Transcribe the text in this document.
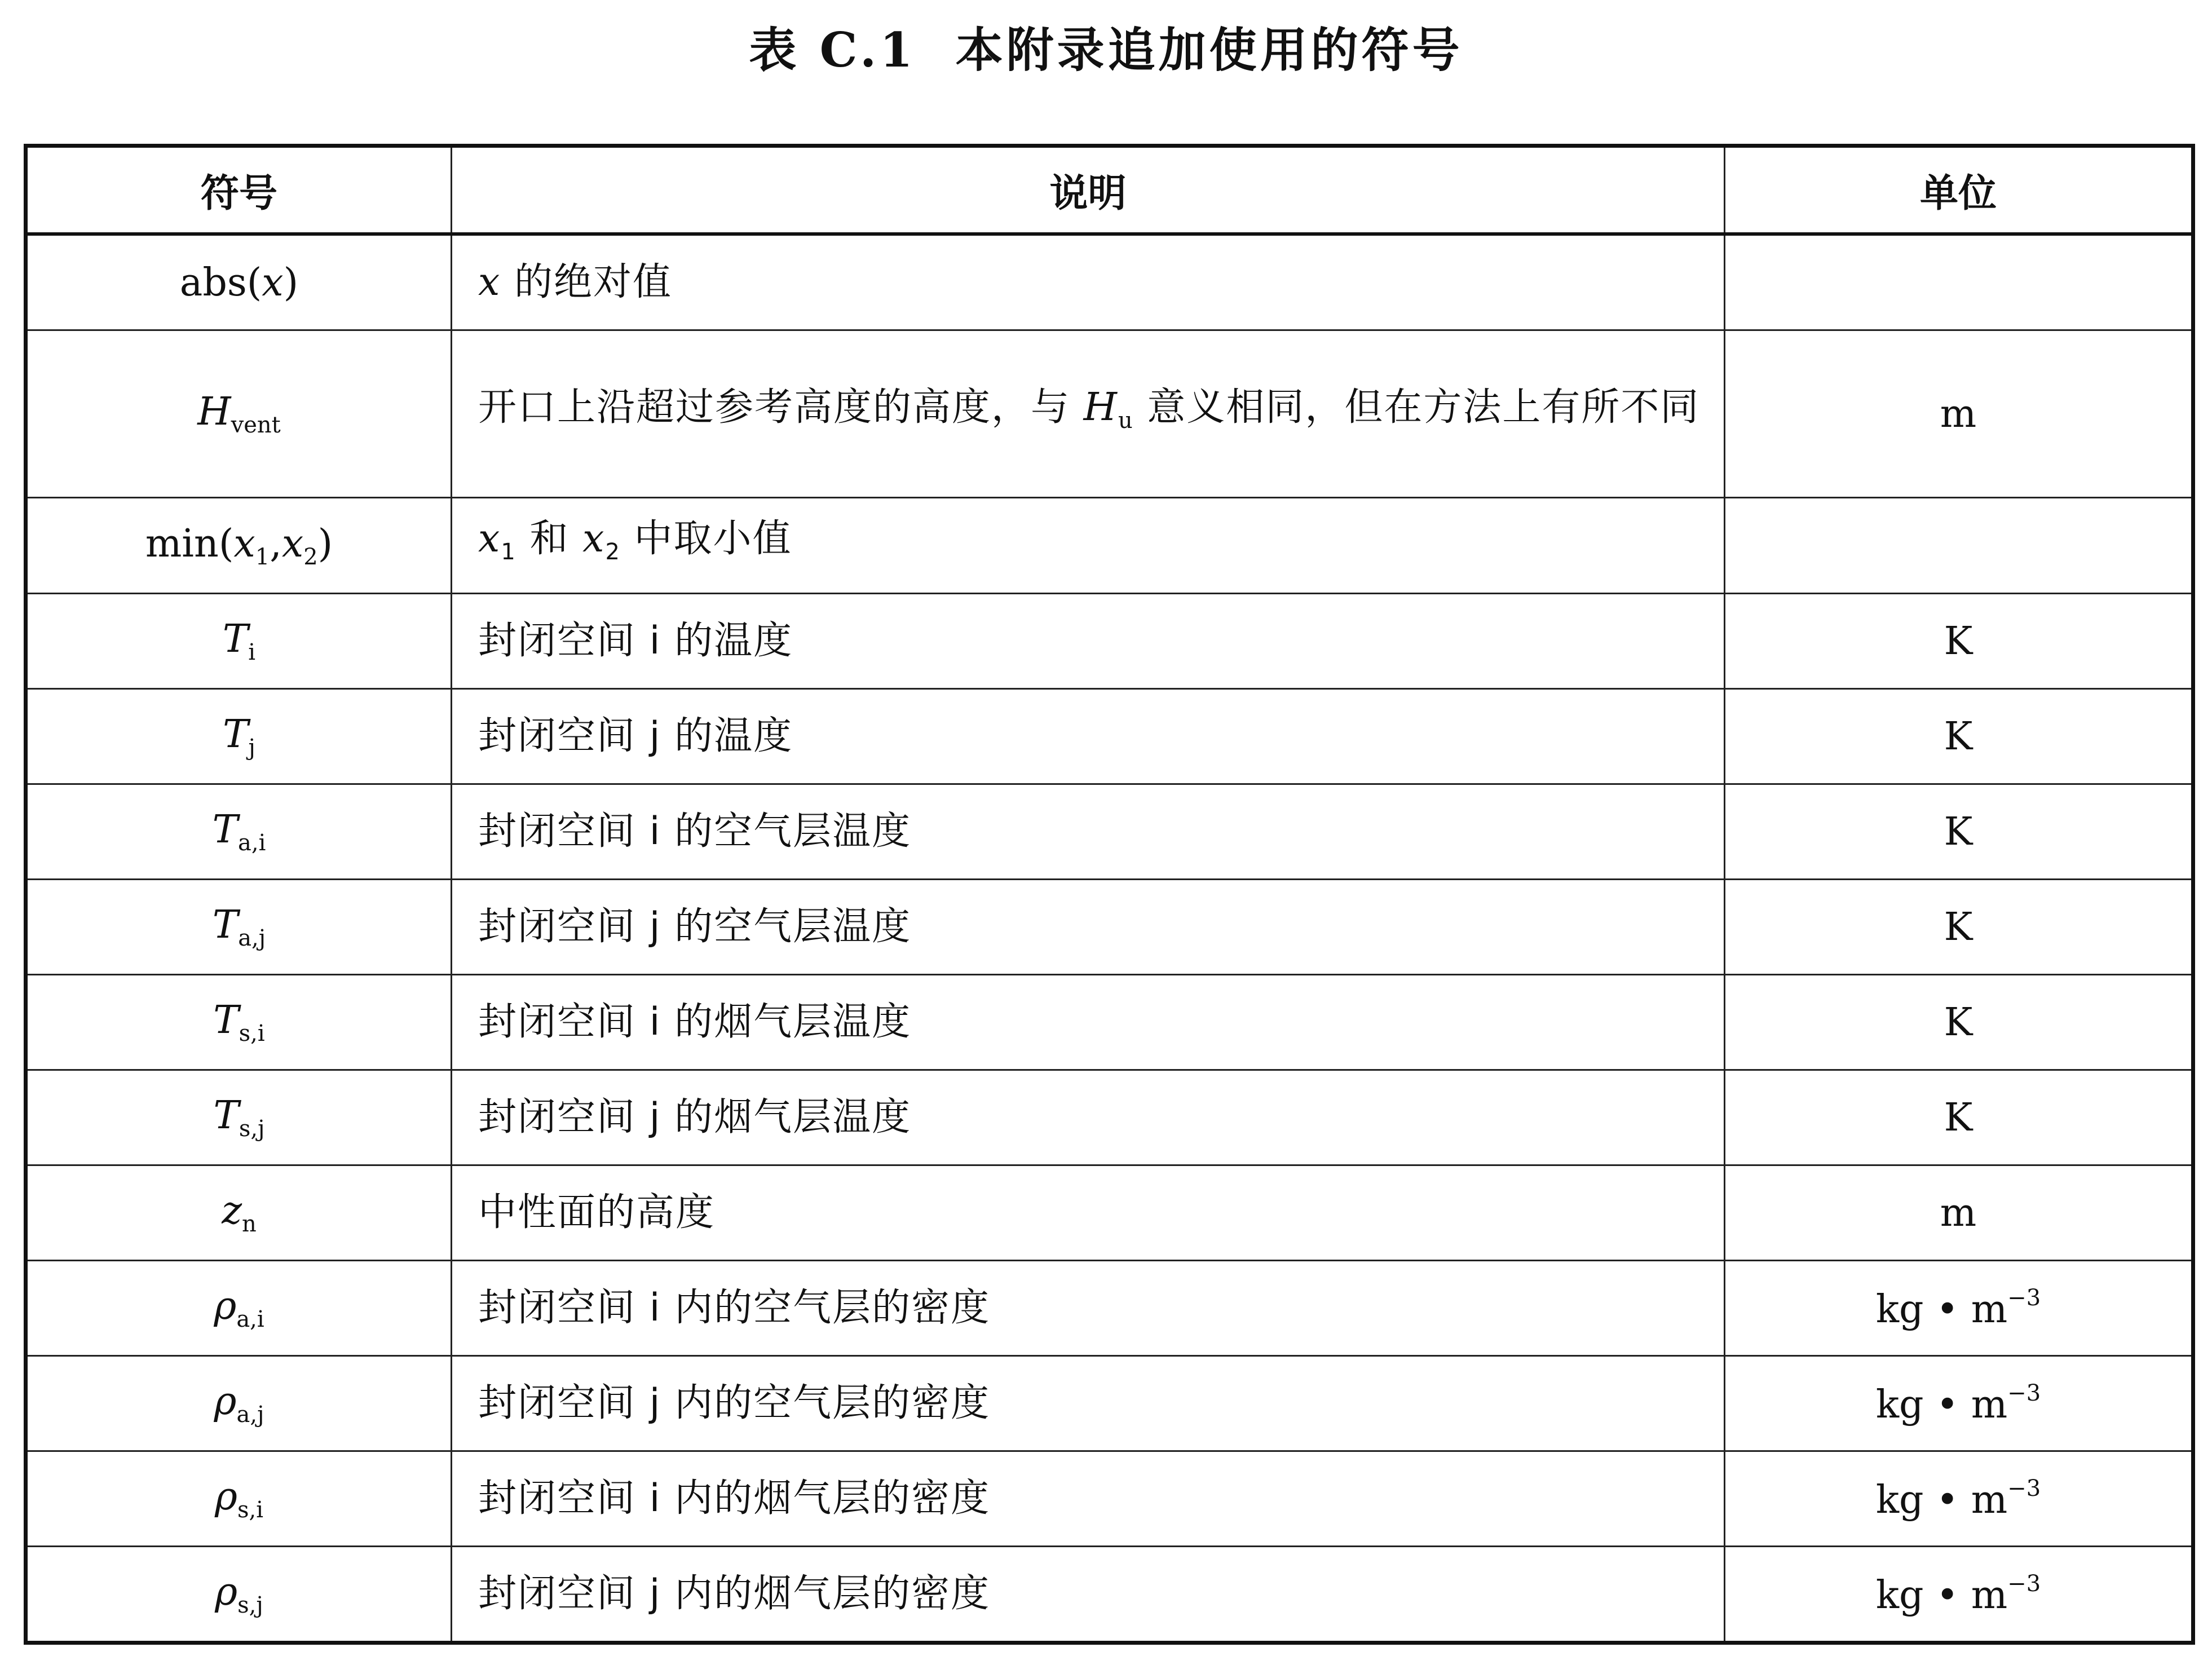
表 C.1 本附录追加使用的符号
符号	说明	单位
abs(x)	x 的绝对值	
$H_{vent}$	开口上沿超过参考高度的高度，与 $H_u$ 意义相同，但在方法上有所不同	m
$\min(x_1,x_2)$	$x_1$ 和 $x_2$ 中取小值	
$T_i$	封闭空间 i 的温度	K
$T_j$	封闭空间 j 的温度	K
$T_{a,i}$	封闭空间 i 的空气层温度	K
$T_{a,j}$	封闭空间 j 的空气层温度	K
$T_{s,i}$	封闭空间 i 的烟气层温度	K
$T_{s,j}$	封闭空间 j 的烟气层温度	K
$z_n$	中性面的高度	m
$\rho_{a,i}$	封闭空间 i 内的空气层的密度	kg • $m^{-3}$
$\rho_{a,j}$	封闭空间 j 内的空气层的密度	kg • $m^{-3}$
$\rho_{s,i}$	封闭空间 i 内的烟气层的密度	kg • $m^{-3}$
$\rho_{s,j}$	封闭空间 j 内的烟气层的密度	kg • $m^{-3}$
